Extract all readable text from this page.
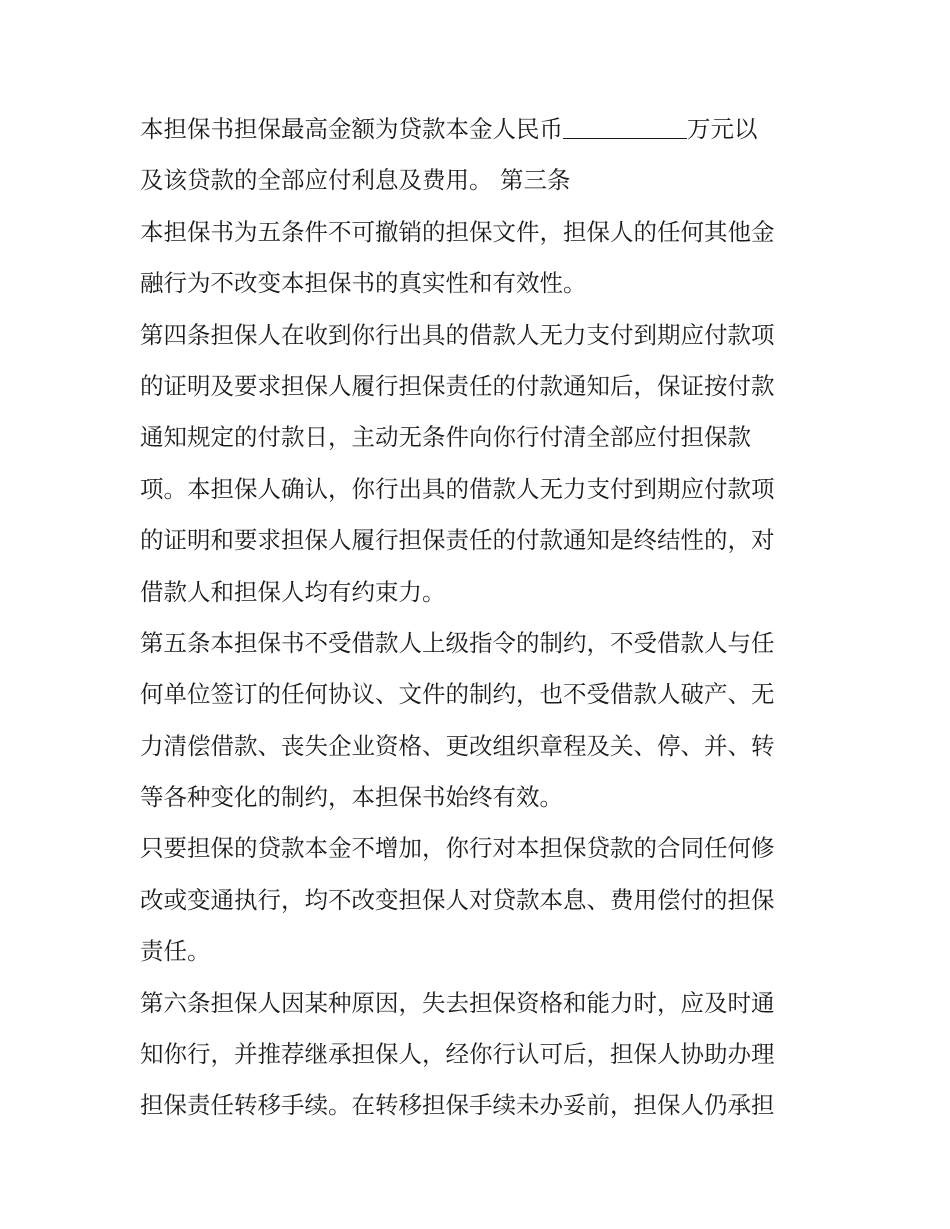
本担保书担保最高金额为贷款本金人民币	万元以
及该贷款的全部应付利息及费用。 第三条
本担保书为五条件不可撤销的担保文件，担保人的任何其他金
融行为不改变本担保书的真实性和有效性。
第四条担保人在收到你行出具的借款人无力支付到期应付款项
的证明及要求担保人履行担保责任的付款通知后，保证按付款
通知规定的付款日，主动无条件向你行付清全部应付担保款
项。本担保人确认，你行出具的借款人无力支付到期应付款项
的证明和要求担保人履行担保责任的付款通知是终结性的，对
借款人和担保人均有约束力。
第五条本担保书不受借款人上级指令的制约，不受借款人与任
何单位签订的任何协议、文件的制约，也不受借款人破产、无
力清偿借款、丧失企业资格、更改组织章程及关、停、并、转
等各种变化的制约，本担保书始终有效。
只要担保的贷款本金不增加，你行对本担保贷款的合同任何修
改或变通执行，均不改变担保人对贷款本息、费用偿付的担保
责任。
第六条担保人因某种原因，失去担保资格和能力时，应及时通
知你行，并推荐继承担保人，经你行认可后，担保人协助办理
担保责任转移手续。在转移担保手续未办妥前，担保人仍承担
